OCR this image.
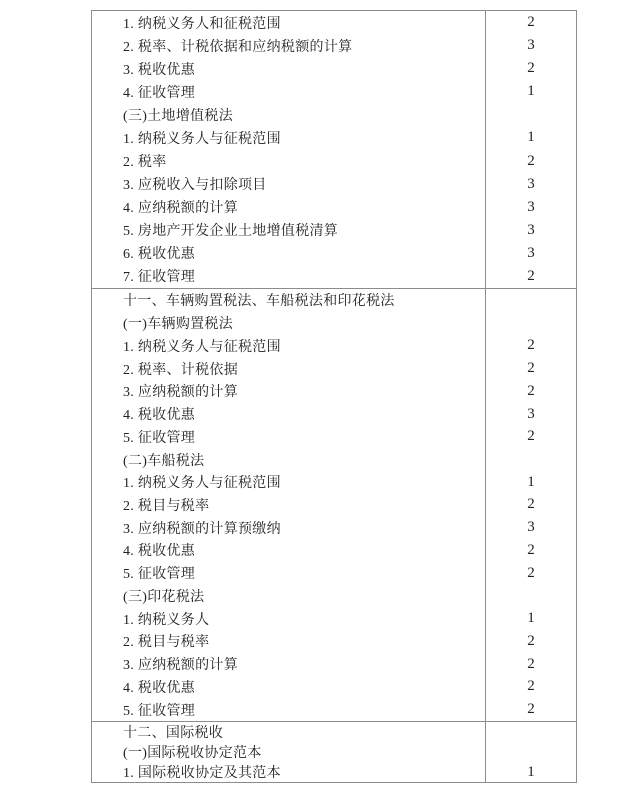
1. 纳税义务人和征税范围	2
2. 税率、计税依据和应纳税额的计算	3
3. 税收优惠	2
4. 征收管理	1
(三)土地增值税法
1. 纳税义务人与征税范围	1
2. 税率	2
3. 应税收入与扣除项目	3
4. 应纳税额的计算	3
5. 房地产开发企业土地增值税清算	3
6. 税收优惠	3
7. 征收管理	2
十一、车辆购置税法、车船税法和印花税法
(一)车辆购置税法
1. 纳税义务人与征税范围	2
2. 税率、计税依据	2
3. 应纳税额的计算	2
4. 税收优惠	3
5. 征收管理	2
(二)车船税法
1. 纳税义务人与征税范围	1
2. 税目与税率	2
3. 应纳税额的计算预缴纳	3
4. 税收优惠	2
5. 征收管理	2
(三)印花税法
1. 纳税义务人	1
2. 税目与税率	2
3. 应纳税额的计算	2
4. 税收优惠	2
5. 征收管理	2
十二、国际税收
(一)国际税收协定范本
1. 国际税收协定及其范本	1
